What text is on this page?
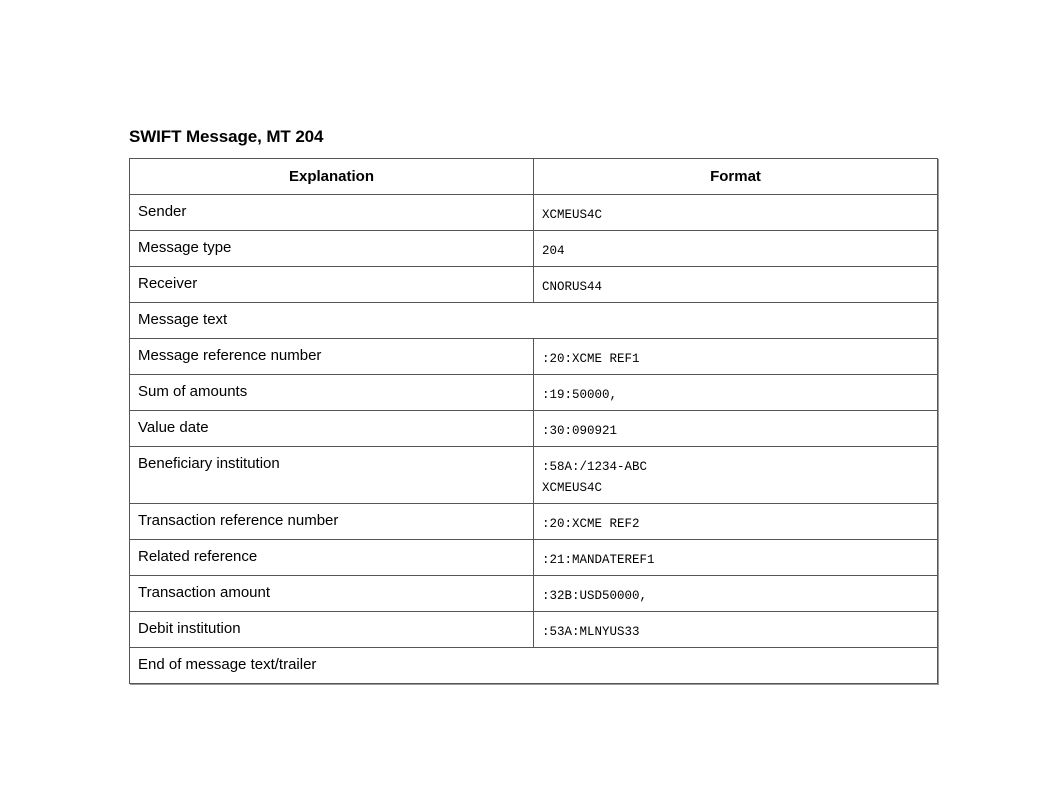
SWIFT Message, MT 204
Explanation	Format

Sender	XCMEUS4C

Message type	204

Receiver	CNORUS44

Message text	

Message reference number	:20:XCME REF1

Sum of amounts	:19:50000,

Value date	:30:090921

Beneficiary institution	:58A:/1234-ABC
XCMEUS4C

Transaction reference number	:20:XCME REF2

Related reference	:21:MANDATEREF1

Transaction amount	:32B:USD50000,

Debit institution	:53A:MLNYUS33

End of message text/trailer	
